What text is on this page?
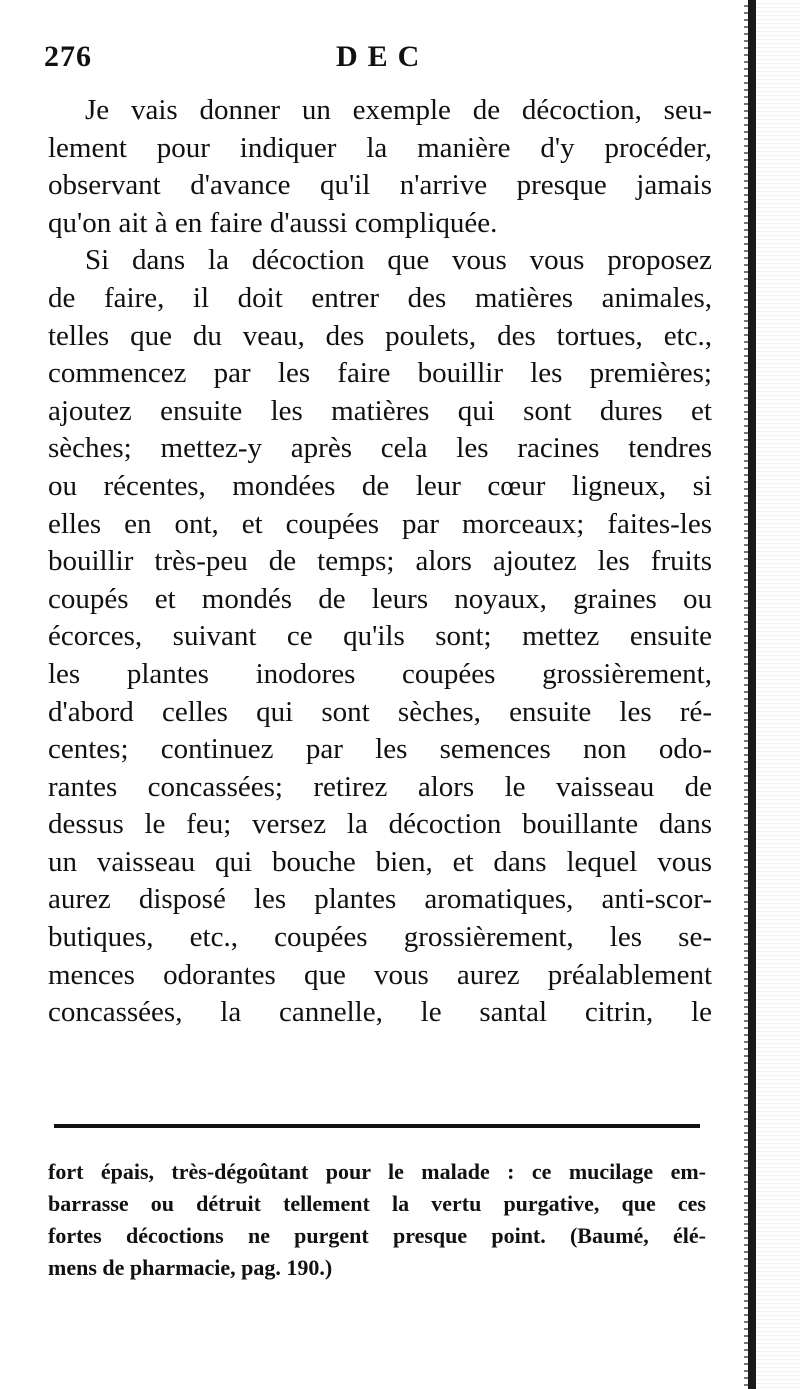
276	DEC
Je vais donner un exemple de décoction, seu-
lement pour indiquer la manière d'y procéder,
observant d'avance qu'il n'arrive presque jamais
qu'on ait à en faire d'aussi compliquée.
Si dans la décoction que vous vous proposez
de faire, il doit entrer des matières animales,
telles que du veau, des poulets, des tortues, etc.,
commencez par les faire bouillir les premières;
ajoutez ensuite les matières qui sont dures et
sèches; mettez-y après cela les racines tendres
ou récentes, mondées de leur cœur ligneux, si
elles en ont, et coupées par morceaux; faites-les
bouillir très-peu de temps; alors ajoutez les fruits
coupés et mondés de leurs noyaux, graines ou
écorces, suivant ce qu'ils sont; mettez ensuite
les plantes inodores coupées grossièrement,
d'abord celles qui sont sèches, ensuite les ré-
centes; continuez par les semences non odo-
rantes concassées; retirez alors le vaisseau de
dessus le feu; versez la décoction bouillante dans
un vaisseau qui bouche bien, et dans lequel vous
aurez disposé les plantes aromatiques, anti-scor-
butiques, etc., coupées grossièrement, les se-
mences odorantes que vous aurez préalablement
concassées, la cannelle, le santal citrin, le
fort épais, très-dégoûtant pour le malade : ce mucilage em-
barrasse ou détruit tellement la vertu purgative, que ces
fortes décoctions ne purgent presque point. (Baumé, élé-
mens de pharmacie, pag. 190.)
